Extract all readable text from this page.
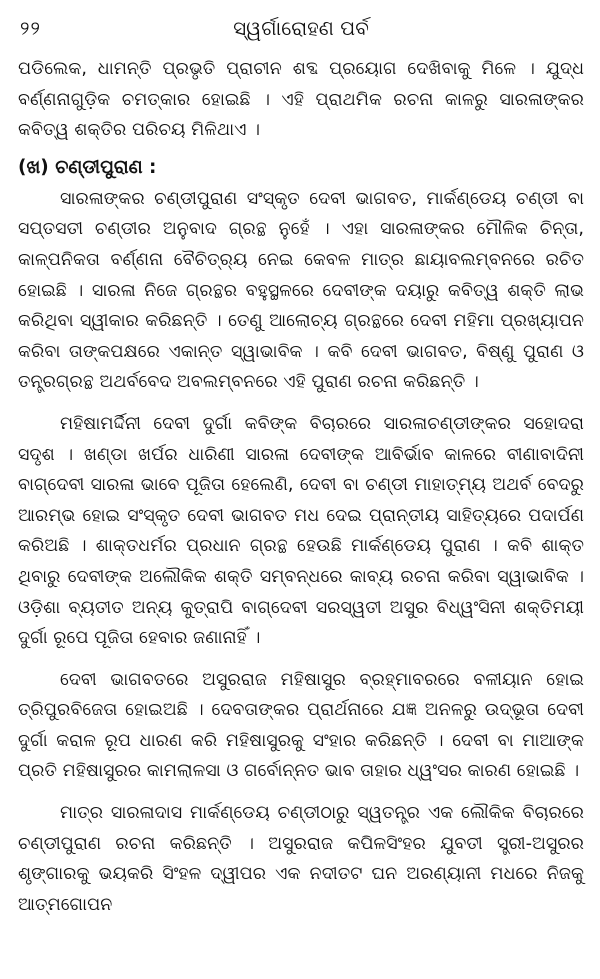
୨୨	ସ୍ୱର୍ଗାରୋହଣ ପର୍ବ

ପଡିଲେକ, ଧାମନ୍ତି ପ୍ରଭୃତି ପ୍ରାଚୀନ ଶବ୍ଦ ପ୍ରୟୋଗ ଦେଖିବାକୁ ମିଳେ । ଯୁଦ୍ଧ ବର୍ଣ୍ଣନାଗୁଡ଼ିକ ଚମତ୍କାର ହୋଇଛି । ଏହି ପ୍ରାଥମିକ ରଚନା କାଳରୁ ସାରଳାଙ୍କର କବିତ୍ୱ ଶକ୍ତିର ପରିଚୟ ମିଳିଥାଏ ।

(ଖ) ଚଣ୍ଡୀପୁରାଣ :

ସାରଳାଙ୍କର ଚଣ୍ଡୀପୁରାଣ ସଂସ୍କୃତ ଦେବୀ ଭାଗବତ, ମାର୍କଣ୍ଡେୟ ଚଣ୍ଡୀ ବା ସପ୍ତସତୀ ଚଣ୍ଡୀର ଅନୁବାଦ ଗ୍ରନ୍ଥ ନୁହେଁ । ଏହା ସାରଳାଙ୍କର ମୌଳିକ ଚିନ୍ତା, କାଳ୍ପନିକତା ବର୍ଣ୍ଣନା ବୈଚିତ୍ର୍ୟ ନେଇ କେବଳ ମାତ୍ର ଛାୟାବଲମ୍ବନରେ ରଚିତ ହୋଇଛି । ସାରଳା ନିଜେ ଗ୍ରନ୍ଥର ବହୁସ୍ଥଳରେ ଦେବୀଙ୍କ ଦୟାରୁ କବିତ୍ୱ ଶକ୍ତି ଲାଭ କରିଥିବା ସ୍ୱୀକାର କରିଛନ୍ତି । ତେଣୁ ଆଲୋଚ୍ୟ ଗ୍ରନ୍ଥରେ ଦେବୀ ମହିମା ପ୍ରଖ୍ୟାପନ କରିବା ତାଙ୍କପକ୍ଷରେ ଏକାନ୍ତ ସ୍ୱାଭାବିକ । କବି ଦେବୀ ଭାଗବତ, ବିଷ୍ଣୁ ପୁରାଣ ଓ ତନ୍ତ୍ରଗ୍ରନ୍ଥ ଅଥର୍ବବେଦ ଅବଲମ୍ବନରେ ଏହି ପୁରାଣ ରଚନା କରିଛନ୍ତି ।

ମହିଷାମର୍ଦ୍ଦିନୀ ଦେବୀ ଦୁର୍ଗା କବିଙ୍କ ବିଚାରରେ ସାରଳାଚଣ୍ଡୀଙ୍କର ସହୋଦରା ସଦୃଶ । ଖଣ୍ଡା ଖର୍ପର ଧାରିଣୀ ସାରଳା ଦେବୀଙ୍କ ଆବିର୍ଭାବ କାଳରେ ବୀଣାବାଦିନୀ ବାଗ୍‌ଦେବୀ ସାରଳା ଭାବେ ପୂଜିତା ହେଲେଣି, ଦେବୀ ବା ଚଣ୍ଡୀ ମାହାତ୍ମ୍ୟ ଅଥର୍ବ ବେଦରୁ ଆରମ୍ଭ ହୋଇ ସଂସ୍କୃତ ଦେବୀ ଭାଗବତ ମଧ ଦେଇ ପ୍ରାନ୍ତୀୟ ସାହିତ୍ୟରେ ପଦାର୍ପଣ କରିଅଛି । ଶାକ୍ତଧର୍ମର ପ୍ରଧାନ ଗ୍ରନ୍ଥ ହେଉଛି ମାର୍କଣ୍ଡେୟ ପୁରାଣ । କବି ଶାକ୍ତ ଥିବାରୁ ଦେବୀଙ୍କ ଅଲୌକିକ ଶକ୍ତି ସମ୍ବନ୍ଧରେ କାବ୍ୟ ରଚନା କରିବା ସ୍ୱାଭାବିକ । ଓଡ଼ିଶା ବ୍ୟତୀତ ଅନ୍ୟ କୁତ୍ରାପି ବାଗ୍‌ଦେବୀ ସରସ୍ୱତୀ ଅସୁର ବିଧ୍ୱଂସିନୀ ଶକ୍ତିମୟୀ ଦୁର୍ଗା ରୂପେ ପୂଜିତା ହେବାର ଜଣାନାହିଁ ।

ଦେବୀ ଭାଗବତରେ ଅସୁରରାଜ ମହିଷାସୁର ବ୍ରହ୍ମାବରରେ ବଳୀୟାନ ହୋଇ ତ୍ରିପୁରବିଜେତା ହୋଇଅଛି । ଦେବତାଙ୍କର ପ୍ରାର୍ଥନାରେ ଯଜ୍ଞ ଅନଳରୁ ଉଦ୍ଭୂତା ଦେବୀ ଦୁର୍ଗା କରାଳ ରୂପ ଧାରଣ କରି ମହିଷାସୁରକୁ ସଂହାର କରିଛନ୍ତି । ଦେବୀ ବା ମାଆଙ୍କ ପ୍ରତି ମହିଷାସୁରର କାମଲାଳସା ଓ ଗର୍ବୋନ୍ନତ ଭାବ ତାହାର ଧ୍ୱଂସର କାରଣ ହୋଇଛି ।

ମାତ୍ର ସାରଳାଦାସ ମାର୍କଣ୍ଡେୟ ଚଣ୍ଡୀଠାରୁ ସ୍ୱତନ୍ତ୍ର ଏକ ଲୌକିକ ବିଚାରରେ ଚଣ୍ଡୀପୁରାଣ ରଚନା କରିଛନ୍ତି । ଅସୁରରାଜ କପିଳସିଂହର ଯୁବତୀ ସ୍ତ୍ରୀ-ଅସୁରର ଶୃଙ୍ଗାରକୁ ଭୟକରି ସିଂହଳ ଦ୍ୱୀପର ଏକ ନଦୀତଟ ଘନ ଅରଣ୍ୟାନୀ ମଧରେ ନିଜକୁ ଆତ୍ମଗୋପନ
